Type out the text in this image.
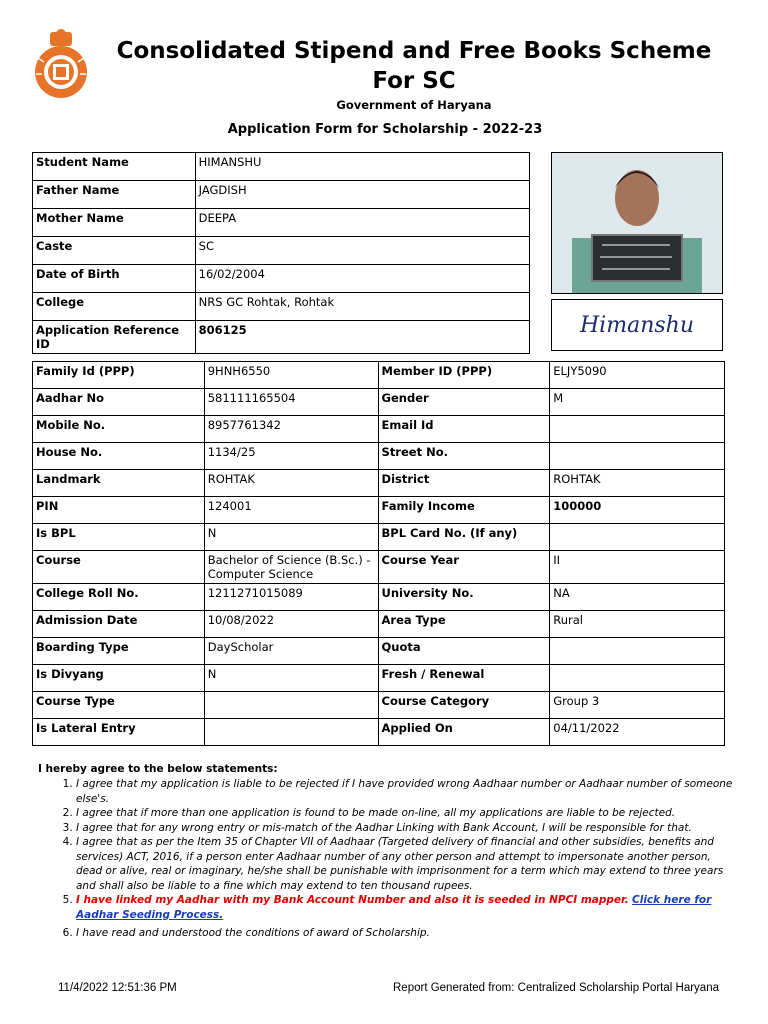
Consolidated Stipend and Free Books Scheme For SC
Government of Haryana
Application Form for Scholarship - 2022-23
Student Name	HIMANSHU
Father Name	JAGDISH
Mother Name	DEEPA
Caste	SC
Date of Birth	16/02/2004
College	NRS GC Rohtak, Rohtak
Application Reference ID	806125	Himanshu
Family Id (PPP)	9HNH6550	Member ID (PPP)	ELJY5090
Aadhar No	581111165504	Gender	M
Mobile No.	8957761342	Email Id	
House No.	1134/25	Street No.	
Landmark	ROHTAK	District	ROHTAK
PIN	124001	Family Income	100000
Is BPL	N	BPL Card No. (If any)	
Course	Bachelor of Science (B.Sc.) - Computer Science	Course Year	II
College Roll No.	1211271015089	University No.	NA
Admission Date	10/08/2022	Area Type	Rural
Boarding Type	DayScholar	Quota	
Is Divyang	N	Fresh / Renewal	
Course Type		Course Category	Group 3
Is Lateral Entry		Applied On	04/11/2022
I hereby agree to the below statements:
1. I agree that my application is liable to be rejected if I have provided wrong Aadhaar number or Aadhaar number of someone else's.
2. I agree that if more than one application is found to be made on-line, all my applications are liable to be rejected.
3. I agree that for any wrong entry or mis-match of the Aadhar Linking with Bank Account, I will be responsible for that.
4. I agree that as per the Item 35 of Chapter VII of Aadhaar (Targeted delivery of financial and other subsidies, benefits and services) ACT, 2016, if a person enter Aadhaar number of any other person and attempt to impersonate another person, dead or alive, real or imaginary, he/she shall be punishable with imprisonment for a term which may extend to three years and shall also be liable to a fine which may extend to ten thousand rupees.
5. I have linked my Aadhar with my Bank Account Number and also it is seeded in NPCI mapper. Click here for Aadhar Seeding Process.
6. I have read and understood the conditions of award of Scholarship.
11/4/2022 12:51:36 PM	Report Generated from: Centralized Scholarship Portal Haryana
